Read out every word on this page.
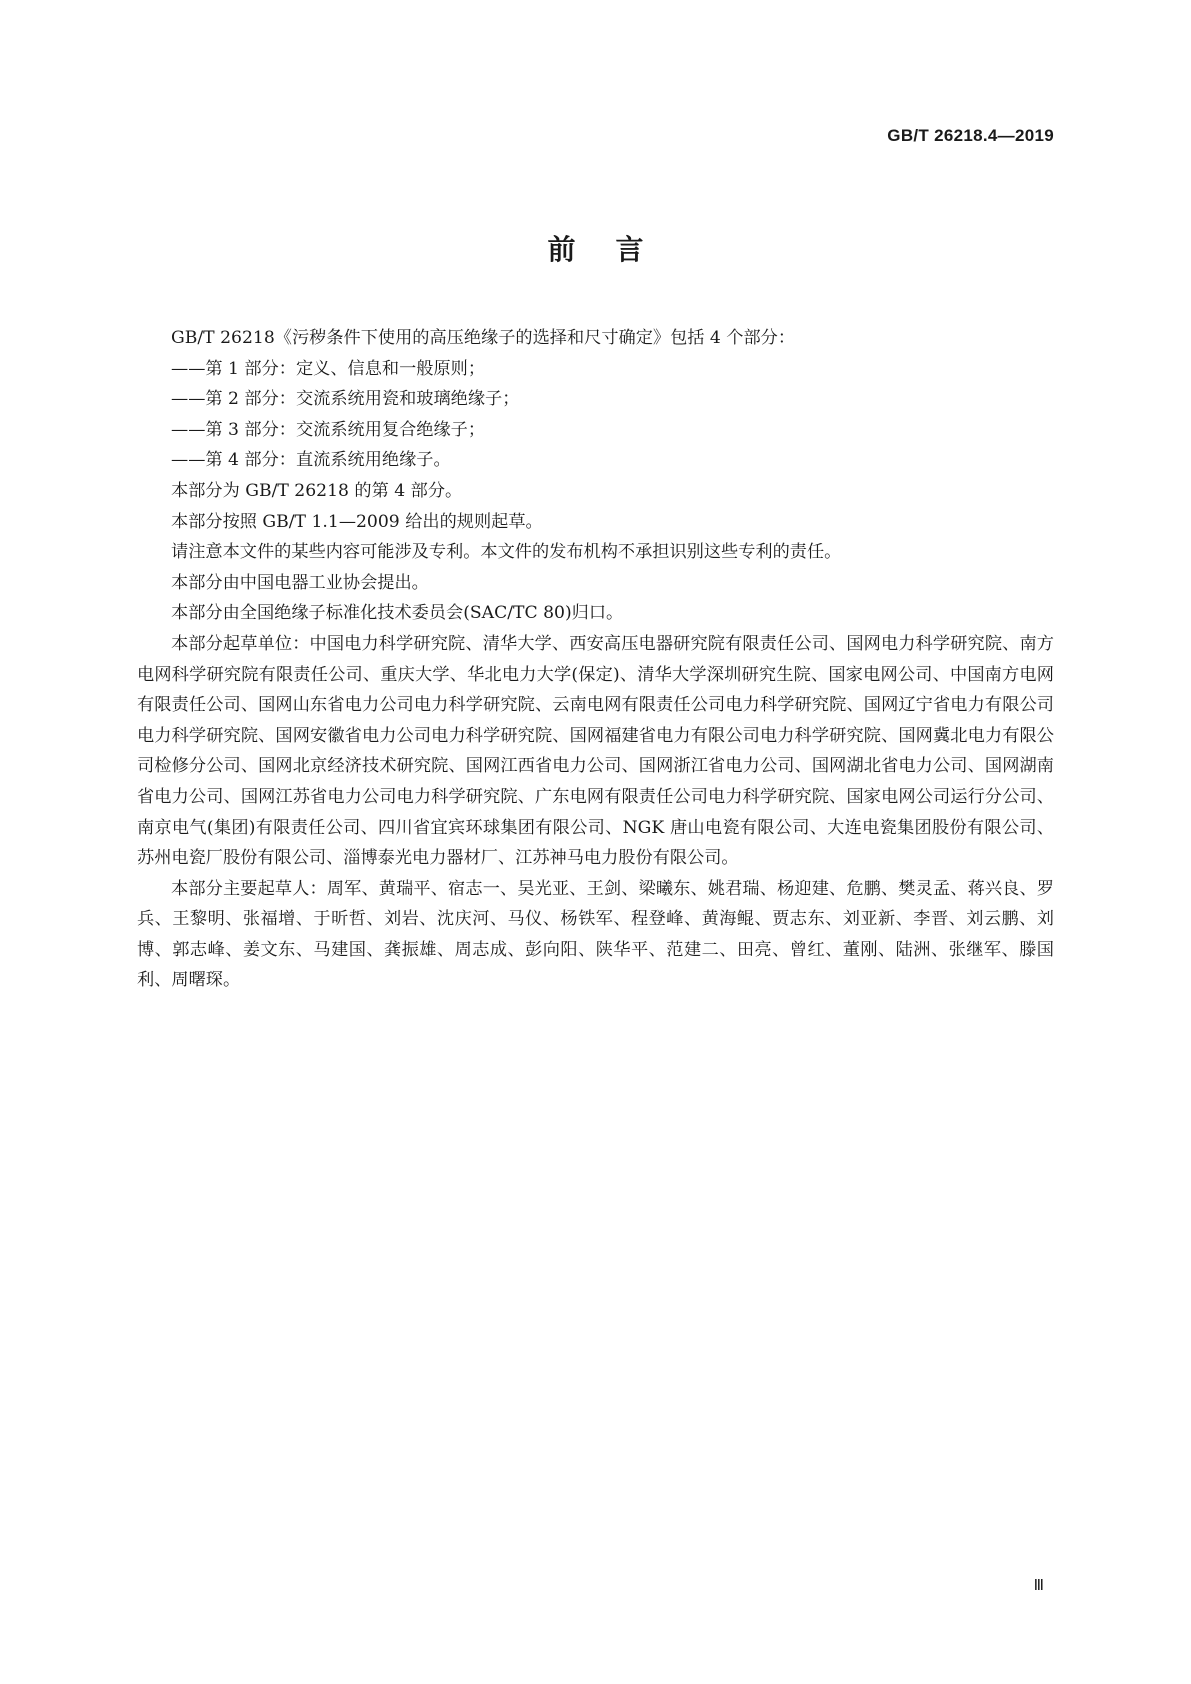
GB/T 26218.4—2019
前言

GB/T 26218《污秽条件下使用的高压绝缘子的选择和尺寸确定》包括 4 个部分：

——第 1 部分：定义、信息和一般原则；

——第 2 部分：交流系统用瓷和玻璃绝缘子；

——第 3 部分：交流系统用复合绝缘子；

——第 4 部分：直流系统用绝缘子。

本部分为 GB/T 26218 的第 4 部分。

本部分按照 GB/T 1.1—2009 给出的规则起草。

请注意本文件的某些内容可能涉及专利。本文件的发布机构不承担识别这些专利的责任。

本部分由中国电器工业协会提出。

本部分由全国绝缘子标准化技术委员会(SAC/TC 80)归口。

本部分起草单位：中国电力科学研究院、清华大学、西安高压电器研究院有限责任公司、国网电力科学研究院、南方电网科学研究院有限责任公司、重庆大学、华北电力大学(保定)、清华大学深圳研究生院、国家电网公司、中国南方电网有限责任公司、国网山东省电力公司电力科学研究院、云南电网有限责任公司电力科学研究院、国网辽宁省电力有限公司电力科学研究院、国网安徽省电力公司电力科学研究院、国网福建省电力有限公司电力科学研究院、国网冀北电力有限公司检修分公司、国网北京经济技术研究院、国网江西省电力公司、国网浙江省电力公司、国网湖北省电力公司、国网湖南省电力公司、国网江苏省电力公司电力科学研究院、广东电网有限责任公司电力科学研究院、国家电网公司运行分公司、南京电气(集团)有限责任公司、四川省宜宾环球集团有限公司、NGK 唐山电瓷有限公司、大连电瓷集团股份有限公司、苏州电瓷厂股份有限公司、淄博泰光电力器材厂、江苏神马电力股份有限公司。

本部分主要起草人：周军、黄瑞平、宿志一、吴光亚、王剑、梁曦东、姚君瑞、杨迎建、危鹏、樊灵孟、蒋兴良、罗兵、王黎明、张福增、于昕哲、刘岩、沈庆河、马仪、杨铁军、程登峰、黄海鲲、贾志东、刘亚新、李晋、刘云鹏、刘博、郭志峰、姜文东、马建国、龚振雄、周志成、彭向阳、陕华平、范建二、田亮、曾红、董刚、陆洲、张继军、滕国利、周曙琛。

Ⅲ
